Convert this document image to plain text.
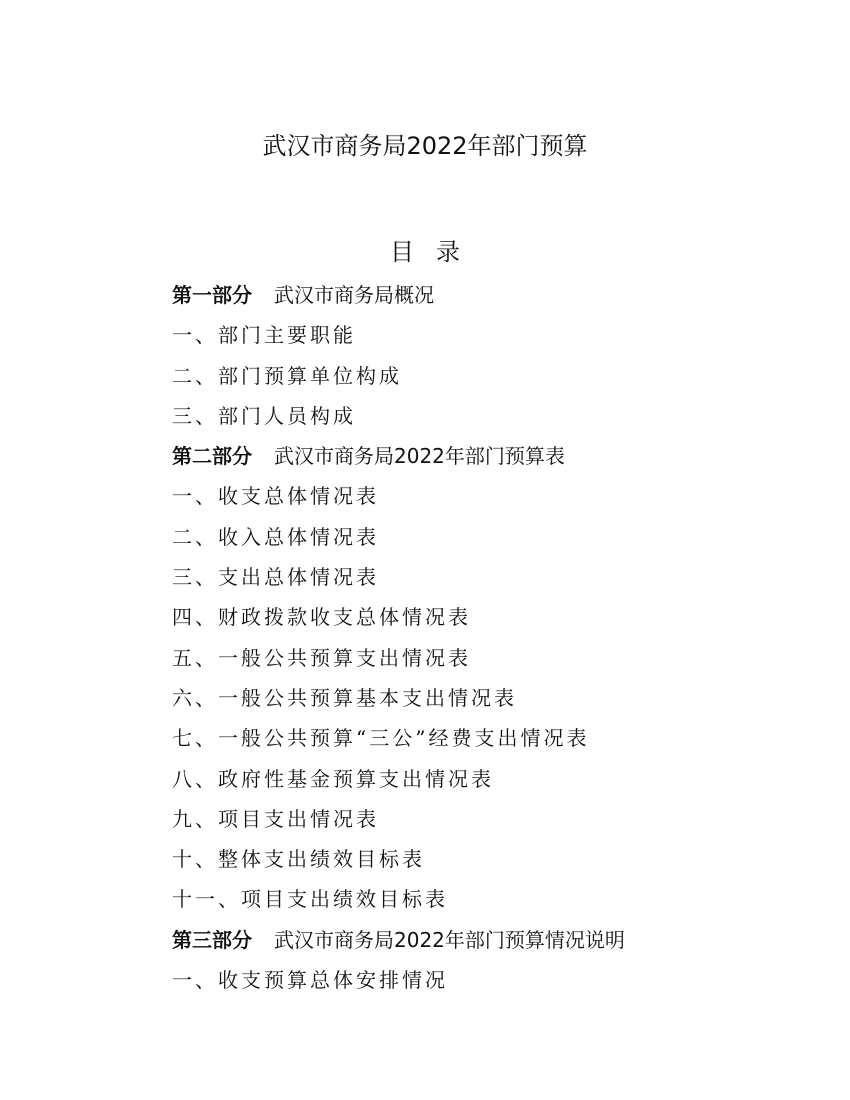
武汉市商务局2022年部门预算
目录
第一部分 武汉市商务局概况
一、部门主要职能
二、部门预算单位构成
三、部门人员构成
第二部分 武汉市商务局2022年部门预算表
一、收支总体情况表
二、收入总体情况表
三、支出总体情况表
四、财政拨款收支总体情况表
五、一般公共预算支出情况表
六、一般公共预算基本支出情况表
七、一般公共预算“三公”经费支出情况表
八、政府性基金预算支出情况表
九、项目支出情况表
十、整体支出绩效目标表
十一、项目支出绩效目标表
第三部分 武汉市商务局2022年部门预算情况说明
一、收支预算总体安排情况
